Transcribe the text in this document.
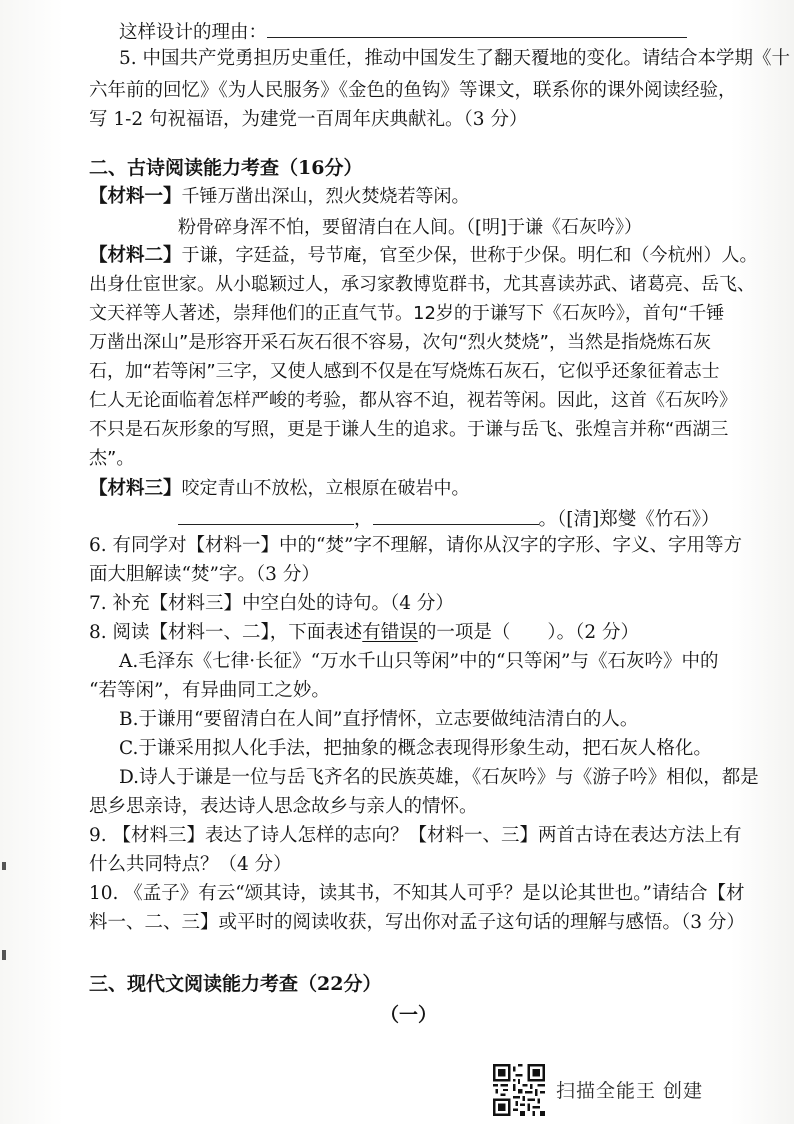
这样设计的理由：
5. 中国共产党勇担历史重任，推动中国发生了翻天覆地的变化。请结合本学期《十
六年前的回忆》《为人民服务》《金色的鱼钩》等课文，联系你的课外阅读经验，
写 1-2 句祝福语，为建党一百周年庆典献礼。（3 分）
二、古诗阅读能力考查（16分）
【材料一】千锤万凿出深山，烈火焚烧若等闲。
粉骨碎身浑不怕，要留清白在人间。（[明]于谦《石灰吟》）
【材料二】于谦，字廷益，号节庵，官至少保，世称于少保。明仁和（今杭州）人。
出身仕宦世家。从小聪颖过人，承习家教博览群书，尤其喜读苏武、诸葛亮、岳飞、
文天祥等人著述，崇拜他们的正直气节。12岁的于谦写下《石灰吟》，首句“千锤
万凿出深山”是形容开采石灰石很不容易，次句“烈火焚烧”，当然是指烧炼石灰
石，加“若等闲”三字，又使人感到不仅是在写烧炼石灰石，它似乎还象征着志士
仁人无论面临着怎样严峻的考验，都从容不迫，视若等闲。因此，这首《石灰吟》
不只是石灰形象的写照，更是于谦人生的追求。于谦与岳飞、张煌言并称“西湖三
杰”。
【材料三】咬定青山不放松，立根原在破岩中。
，	。（[清]郑燮《竹石》）
6. 有同学对【材料一】中的“焚”字不理解，请你从汉字的字形、字义、字用等方
面大胆解读“焚”字。（3 分）
7. 补充【材料三】中空白处的诗句。（4 分）
8. 阅读【材料一、二】，下面表述有错误的一项是（　　）。（2 分）
A.毛泽东《七律·长征》“万水千山只等闲”中的“只等闲”与《石灰吟》中的
“若等闲”，有异曲同工之妙。
B.于谦用“要留清白在人间”直抒情怀，立志要做纯洁清白的人。
C.于谦采用拟人化手法，把抽象的概念表现得形象生动，把石灰人格化。
D.诗人于谦是一位与岳飞齐名的民族英雄，《石灰吟》与《游子吟》相似，都是
思乡思亲诗，表达诗人思念故乡与亲人的情怀。
9. 【材料三】表达了诗人怎样的志向？【材料一、三】两首古诗在表达方法上有
什么共同特点？（4 分）
10. 《孟子》有云“颂其诗，读其书，不知其人可乎？是以论其世也。”请结合【材
料一、二、三】或平时的阅读收获，写出你对孟子这句话的理解与感悟。（3 分）
三、现代文阅读能力考查（22分）
（一）
扫描全能王 创建
